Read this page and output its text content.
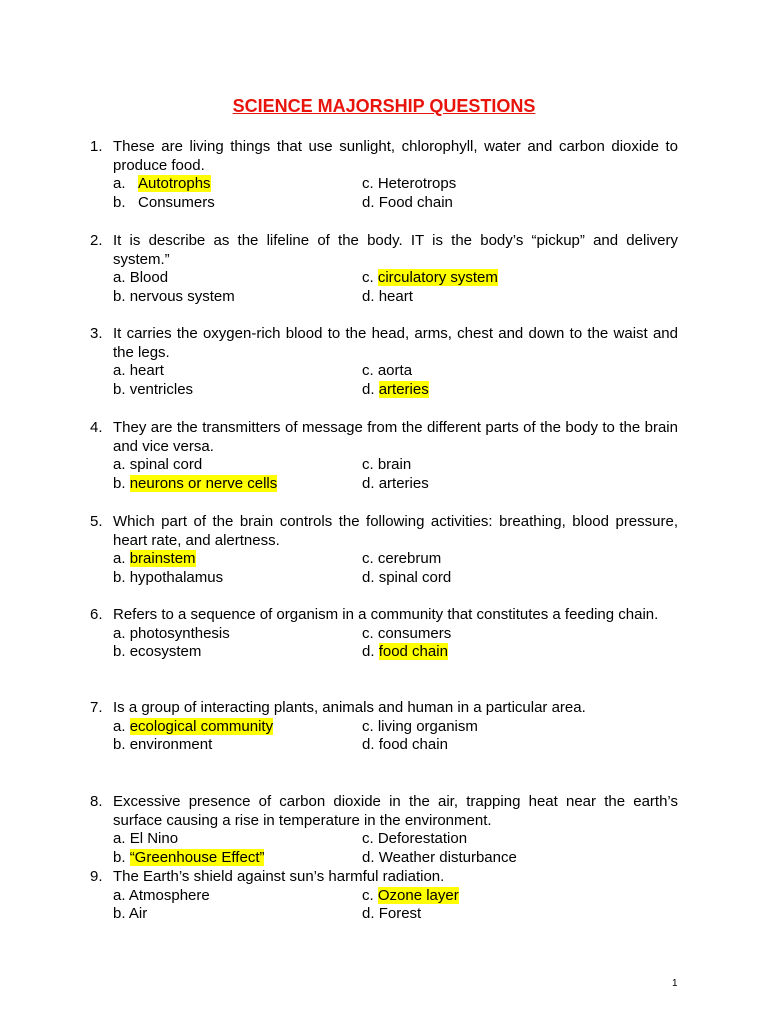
SCIENCE MAJORSHIP QUESTIONS
1. These are living things that use sunlight, chlorophyll, water and carbon dioxide to produce food.
a.   Autotrophs	c. Heterotrops
b.   Consumers	d. Food chain
2. It is describe as the lifeline of the body. IT is the body’s “pickup” and delivery system.”
a. Blood	c. circulatory system
b. nervous system	d. heart
3. It carries the oxygen-rich blood to the head, arms, chest and down to the waist and the legs.
a. heart	c. aorta
b. ventricles	d. arteries
4. They are the transmitters of message from the different parts of the body to the brain and vice versa.
a. spinal cord	c. brain
b. neurons or nerve cells	d. arteries
5. Which part of the brain controls the following activities: breathing, blood pressure, heart rate, and alertness.
a. brainstem	c. cerebrum
b. hypothalamus	d. spinal cord
6. Refers to a sequence of organism in a community that constitutes a feeding chain.
a. photosynthesis	c. consumers
b. ecosystem	d. food chain
7. Is a group of interacting plants, animals and human in a particular area.
a. ecological community	c. living organism
b. environment	d. food chain
8. Excessive presence of carbon dioxide in the air, trapping heat near the earth’s surface causing a rise in temperature in the environment.
a. El Nino	c. Deforestation
b. “Greenhouse Effect”	d. Weather disturbance
9. The Earth’s shield against sun’s harmful radiation.
a. Atmosphere	c. Ozone layer
b. Air	d. Forest
1
